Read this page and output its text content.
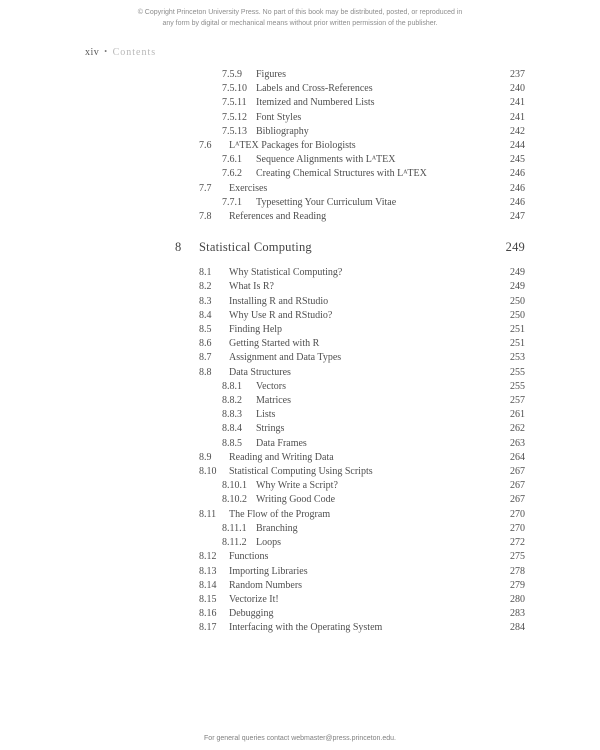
© Copyright Princeton University Press. No part of this book may be distributed, posted, or reproduced in any form by digital or mechanical means without prior written permission of the publisher.
xiv • Contents
7.5.9	Figures	237
7.5.10 Labels and Cross-References	240
7.5.11 Itemized and Numbered Lists	241
7.5.12 Font Styles	241
7.5.13 Bibliography	242
7.6	LᴬTEX Packages for Biologists	244
7.6.1	Sequence Alignments with LᴬTEX	245
7.6.2	Creating Chemical Structures with LᴬTEX	246
7.7	Exercises	246
7.7.1	Typesetting Your Curriculum Vitae	246
7.8	References and Reading	247
8	Statistical Computing	249
8.1	Why Statistical Computing?	249
8.2	What Is R?	249
8.3	Installing R and RStudio	250
8.4	Why Use R and RStudio?	250
8.5	Finding Help	251
8.6	Getting Started with R	251
8.7	Assignment and Data Types	253
8.8	Data Structures	255
8.8.1	Vectors	255
8.8.2	Matrices	257
8.8.3	Lists	261
8.8.4	Strings	262
8.8.5	Data Frames	263
8.9	Reading and Writing Data	264
8.10	Statistical Computing Using Scripts	267
8.10.1 Why Write a Script?	267
8.10.2 Writing Good Code	267
8.11	The Flow of the Program	270
8.11.1 Branching	270
8.11.2 Loops	272
8.12	Functions	275
8.13	Importing Libraries	278
8.14	Random Numbers	279
8.15	Vectorize It!	280
8.16	Debugging	283
8.17	Interfacing with the Operating System	284
For general queries contact webmaster@press.princeton.edu.
